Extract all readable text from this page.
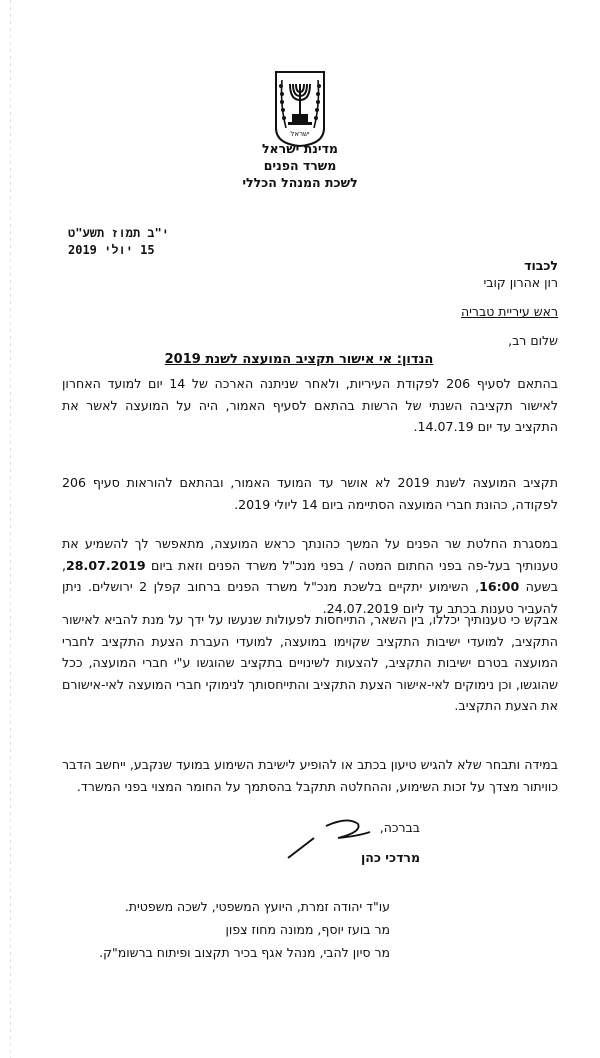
ישראל
מדינת ישראל
משרד הפנים
לשכת המנהל הכללי
י"ב תמוז תשע"ט
15 יולי 2019
לכבוד
רון אהרון קובי
ראש עיריית טבריה
שלום רב,
הנדון: אי אישור תקציב המועצה לשנת 2019
בהתאם לסעיף 206 לפקודת העיריות, ולאחר שניתנה הארכה של 14 יום למועד האחרון לאישור תקציבה השנתי של הרשות בהתאם לסעיף האמור, היה על המועצה לאשר את התקציב עד יום 14.07.19.
תקציב המועצה לשנת 2019 לא אושר עד המועד האמור, ובהתאם להוראות סעיף 206 לפקודה, כהונת חברי המועצה הסתיימה ביום 14 ליולי 2019.
במסגרת החלטת שר הפנים על המשך כהונתך כראש המועצה, מתאפשר לך להשמיע את טענותיך בעל-פה בפני החתום המטה / בפני מנכ"ל משרד הפנים וזאת ביום 28.07.2019, בשעה 16:00, השימוע יתקיים בלשכת מנכ"ל משרד הפנים ברחוב קפלן 2 ירושלים. ניתן להעביר טענות בכתב עד ליום 24.07.2019.
אבקש כי טענותיך יכללו, בין השאר, התייחסות לפעולות שנעשו על ידך על מנת להביא לאישור התקציב, למועדי ישיבות התקציב שקוימו במועצה, למועדי העברת הצעת התקציב לחברי המועצה בטרם ישיבות התקציב, להצעות לשינויים בתקציב שהוגשו ע"י חברי המועצה, ככל שהוגשו, וכן נימוקים לאי-אישור הצעת התקציב והתייחסותך לנימוקי חברי המועצה לאי-אישורם את הצעת התקציב.
במידה ותבחר שלא להגיש טיעון בכתב או להופיע לישיבת השימוע במועד שנקבע, ייחשב הדבר כוויתור מצדך על זכות השימוע, וההחלטה תתקבל בהסתמך על החומר המצוי בפני המשרד.
בברכה,
מרדכי כהן
עו"ד יהודה זמרת, היועץ המשפטי, לשכה משפטית.
מר בועז יוסף, ממונה מחוז צפון
מר סיון להבי, מנהל אגף בכיר תקצוב ופיתוח ברשומ"ק.
